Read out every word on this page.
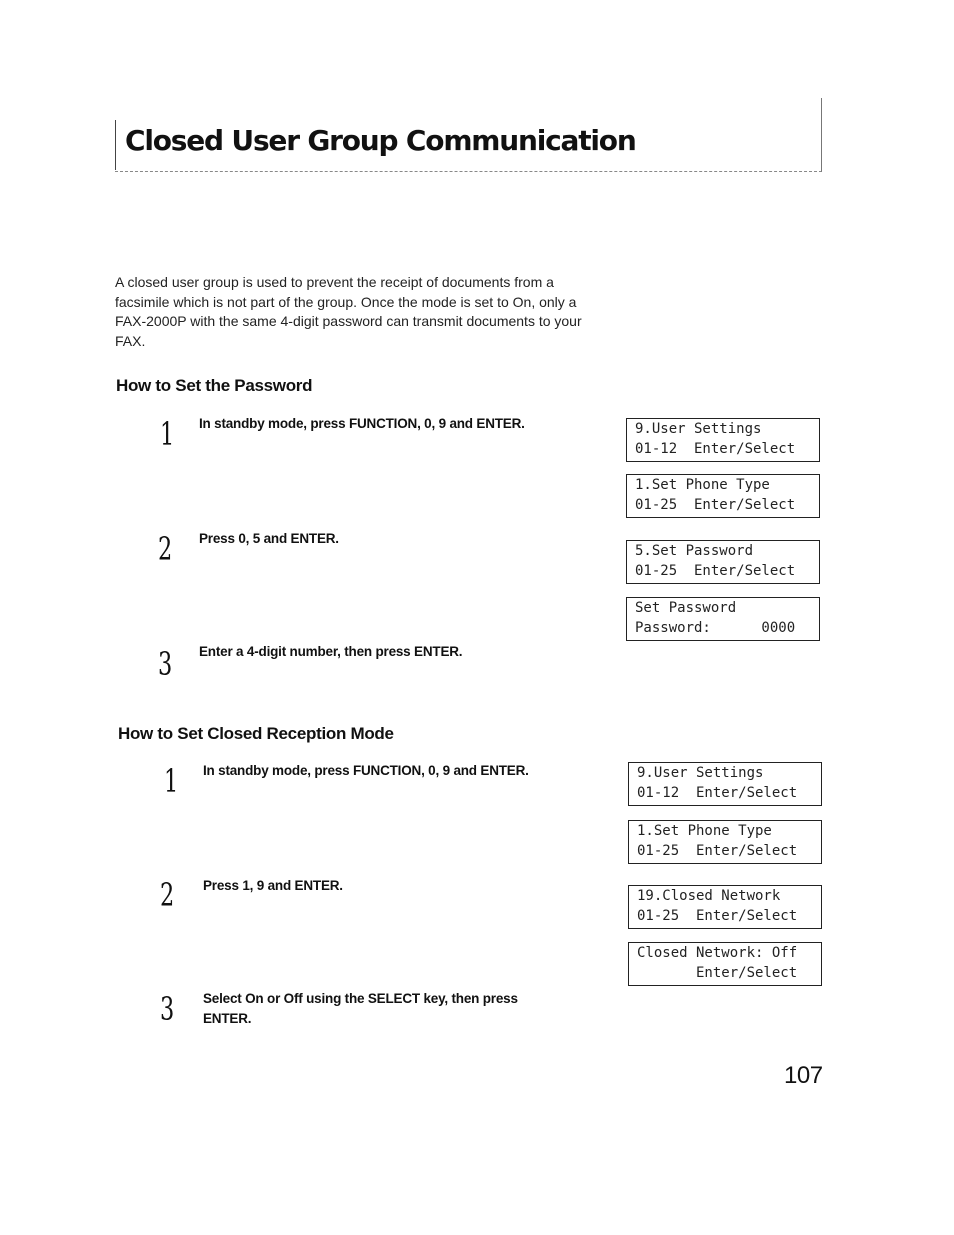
Closed User Group Communication

A closed user group is used to prevent the receipt of documents from a facsimile which is not part of the group. Once the mode is set to On, only a FAX-2000P with the same 4-digit password can transmit documents to your FAX.

How to Set the Password
1 In standby mode, press FUNCTION, 0, 9 and ENTER.

2 Press 0, 5 and ENTER.

3 Enter a 4-digit number, then press ENTER.

9.User Settings
01-12  Enter/Select
1.Set Phone Type
01-25  Enter/Select
5.Set Password
01-25  Enter/Select
Set Password
Password:      0000
How to Set Closed Reception Mode
1 In standby mode, press FUNCTION, 0, 9 and ENTER.

2 Press 1, 9 and ENTER.

3 Select On or Off using the SELECT key, then press ENTER.

9.User Settings
01-12  Enter/Select
1.Set Phone Type
01-25  Enter/Select
19.Closed Network
01-25  Enter/Select
Closed Network: Off
Enter/Select
107
